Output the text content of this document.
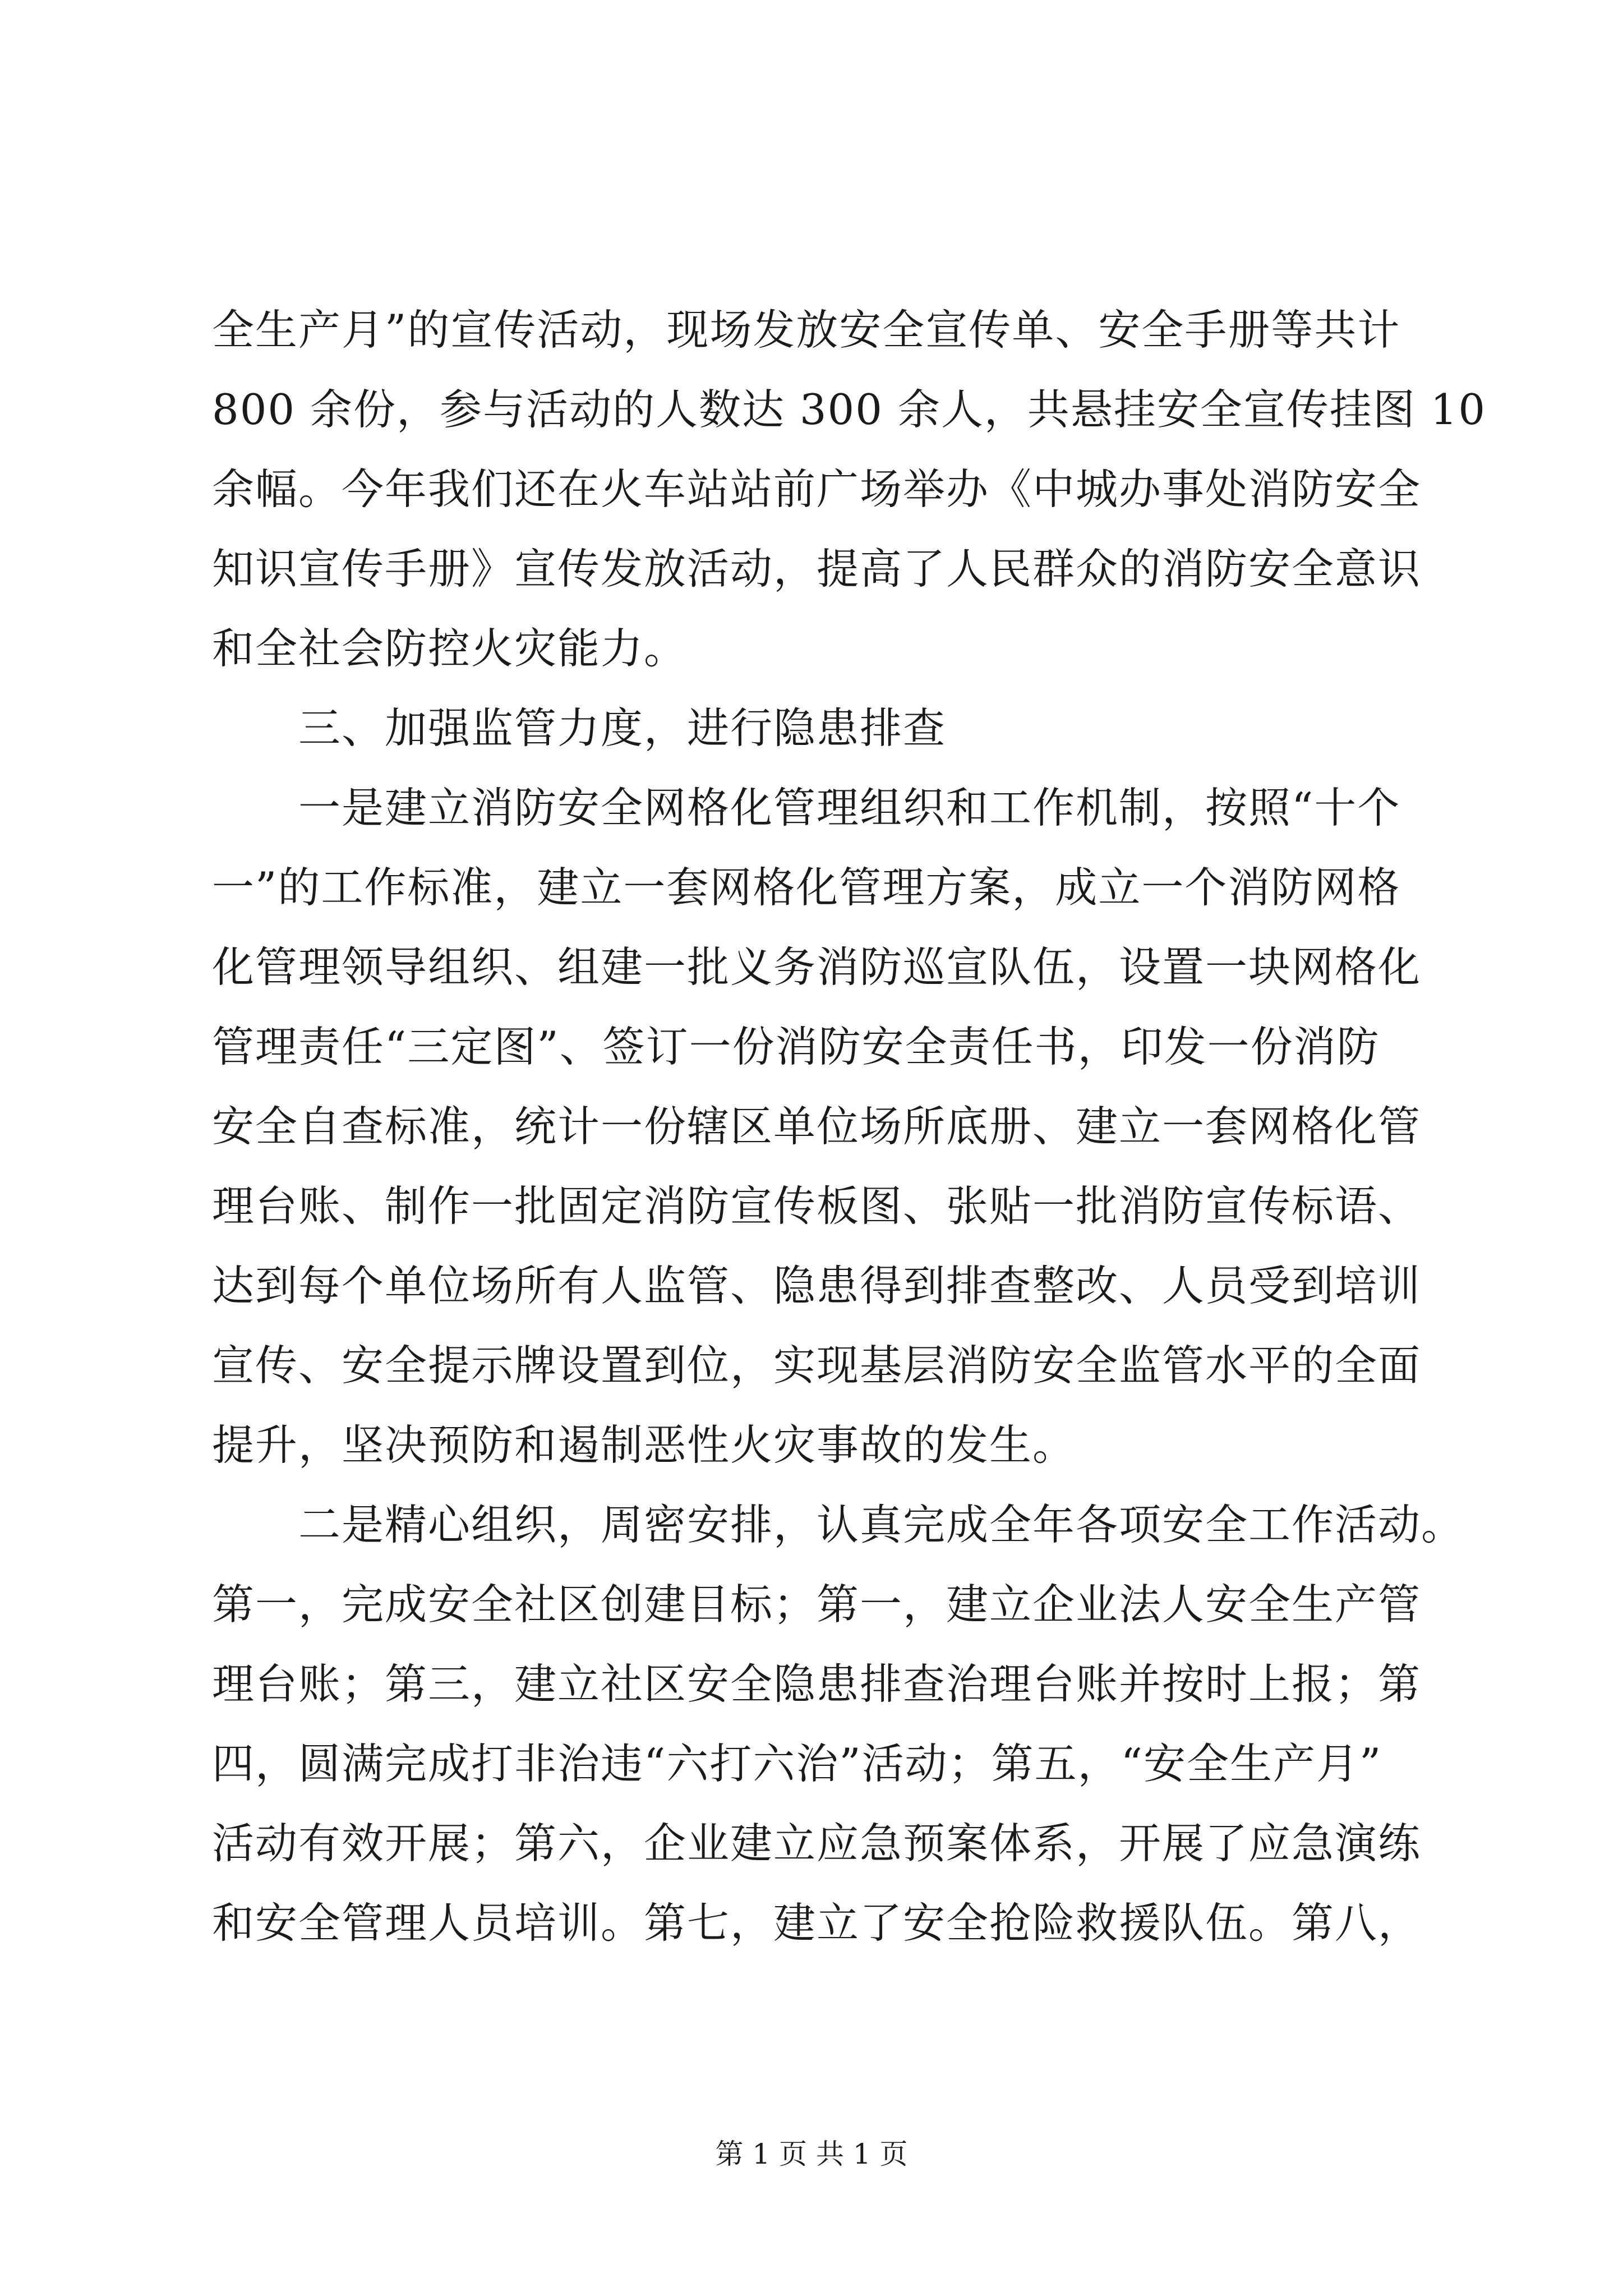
全生产月”的宣传活动，现场发放安全宣传单、安全手册等共计
800 余份，参与活动的人数达 300 余人，共悬挂安全宣传挂图 10
余幅。今年我们还在火车站站前广场举办《中城办事处消防安全
知识宣传手册》宣传发放活动，提高了人民群众的消防安全意识
和全社会防控火灾能力。
　　三、加强监管力度，进行隐患排查
　　一是建立消防安全网格化管理组织和工作机制，按照“十个
一”的工作标准，建立一套网格化管理方案，成立一个消防网格
化管理领导组织、组建一批义务消防巡宣队伍，设置一块网格化
管理责任“三定图”、签订一份消防安全责任书，印发一份消防
安全自查标准，统计一份辖区单位场所底册、建立一套网格化管
理台账、制作一批固定消防宣传板图、张贴一批消防宣传标语、
达到每个单位场所有人监管、隐患得到排查整改、人员受到培训
宣传、安全提示牌设置到位，实现基层消防安全监管水平的全面
提升，坚决预防和遏制恶性火灾事故的发生。
　　二是精心组织，周密安排，认真完成全年各项安全工作活动。
第一，完成安全社区创建目标；第一，建立企业法人安全生产管
理台账；第三，建立社区安全隐患排查治理台账并按时上报；第
四，圆满完成打非治违“六打六治”活动；第五，“安全生产月”
活动有效开展；第六，企业建立应急预案体系，开展了应急演练
和安全管理人员培训。第七，建立了安全抢险救援队伍。第八，
第 1 页 共 1 页
